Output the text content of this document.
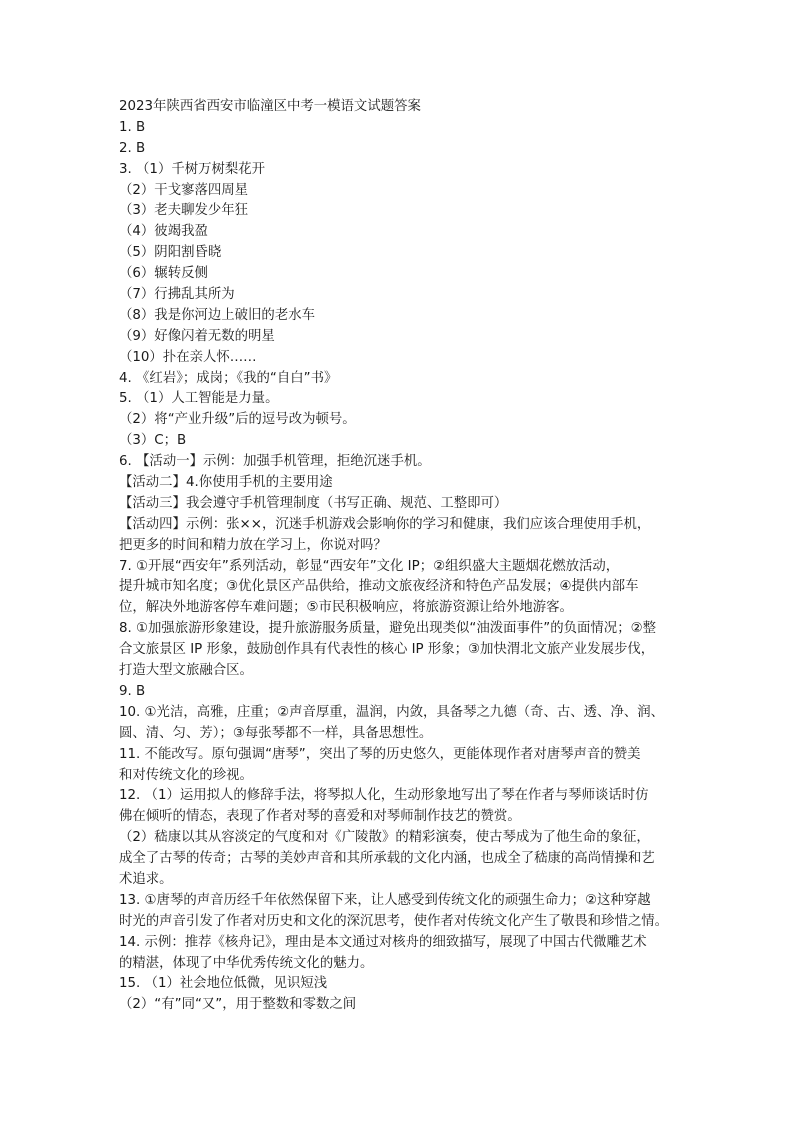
2023年陕西省西安市临潼区中考一模语文试题答案
1. B
2. B
3. （1）千树万树梨花开
（2）干戈寥落四周星
（3）老夫聊发少年狂
（4）彼竭我盈
（5）阴阳割昏晓
（6）辗转反侧
（7）行拂乱其所为
（8）我是你河边上破旧的老水车
（9）好像闪着无数的明星
（10）扑在亲人怀……
4. 《红岩》；成岗；《我的“自白”书》
5. （1）人工智能是力量。
（2）将“产业升级”后的逗号改为顿号。
（3）C；B
6. 【活动一】示例：加强手机管理，拒绝沉迷手机。
【活动二】4.你使用手机的主要用途
【活动三】我会遵守手机管理制度（书写正确、规范、工整即可）
【活动四】示例：张××，沉迷手机游戏会影响你的学习和健康，我们应该合理使用手机，
把更多的时间和精力放在学习上，你说对吗？
7. ①开展“西安年”系列活动，彰显“西安年”文化 IP；②组织盛大主题烟花燃放活动，
提升城市知名度；③优化景区产品供给，推动文旅夜经济和特色产品发展；④提供内部车
位，解决外地游客停车难问题；⑤市民积极响应，将旅游资源让给外地游客。
8. ①加强旅游形象建设，提升旅游服务质量，避免出现类似“油泼面事件”的负面情况；②整
合文旅景区 IP 形象，鼓励创作具有代表性的核心 IP 形象；③加快渭北文旅产业发展步伐，
打造大型文旅融合区。
9. B
10. ①光洁，高雅，庄重；②声音厚重，温润，内敛，具备琴之九德（奇、古、透、净、润、
圆、清、匀、芳）；③每张琴都不一样，具备思想性。
11. 不能改写。原句强调“唐琴”，突出了琴的历史悠久，更能体现作者对唐琴声音的赞美
和对传统文化的珍视。
12. （1）运用拟人的修辞手法，将琴拟人化，生动形象地写出了琴在作者与琴师谈话时仿
佛在倾听的情态，表现了作者对琴的喜爱和对琴师制作技艺的赞赏。
（2）嵇康以其从容淡定的气度和对《广陵散》的精彩演奏，使古琴成为了他生命的象征，
成全了古琴的传奇；古琴的美妙声音和其所承载的文化内涵，也成全了嵇康的高尚情操和艺
术追求。
13. ①唐琴的声音历经千年依然保留下来，让人感受到传统文化的顽强生命力；②这种穿越
时光的声音引发了作者对历史和文化的深沉思考，使作者对传统文化产生了敬畏和珍惜之情。
14. 示例：推荐《核舟记》，理由是本文通过对核舟的细致描写，展现了中国古代微雕艺术
的精湛，体现了中华优秀传统文化的魅力。
15. （1）社会地位低微，见识短浅
（2）“有”同“又”，用于整数和零数之间
